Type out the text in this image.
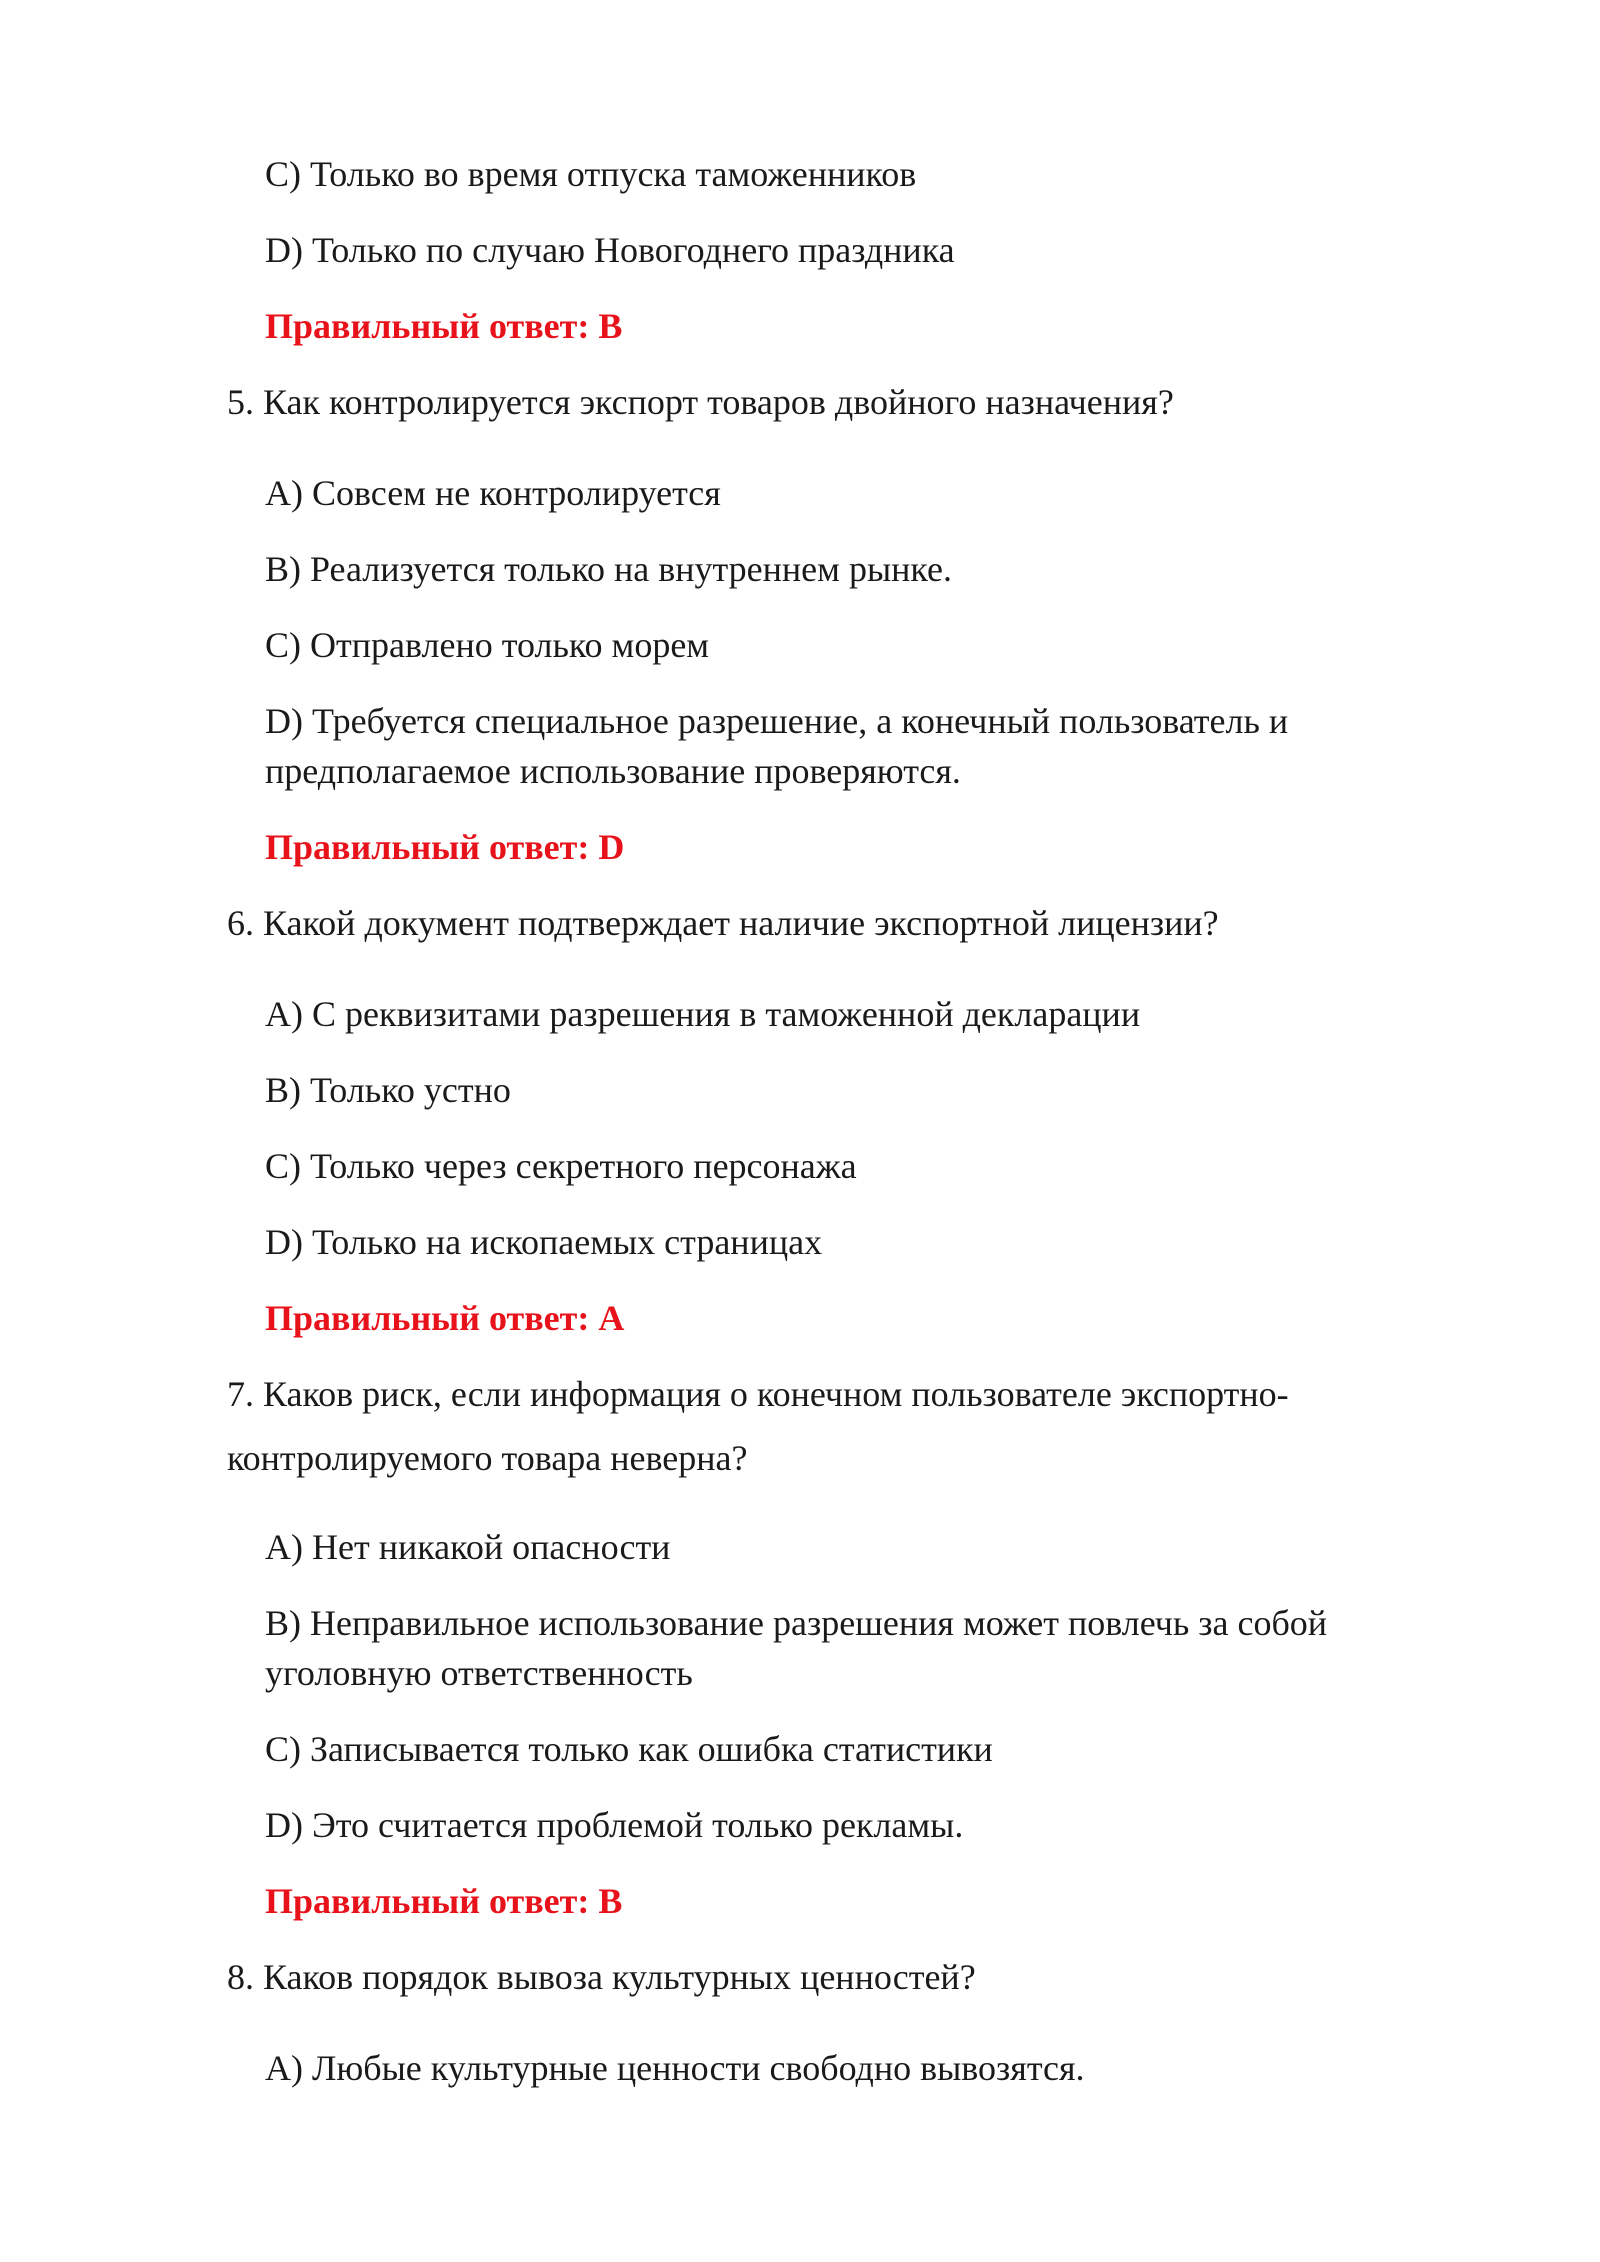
C) Только во время отпуска таможенников
D) Только по случаю Новогоднего праздника
Правильный ответ: B
5. Как контролируется экспорт товаров двойного назначения?
A) Совсем не контролируется
B) Реализуется только на внутреннем рынке.
C) Отправлено только морем
D) Требуется специальное разрешение, а конечный пользователь и
предполагаемое использование проверяются.
Правильный ответ: D
6. Какой документ подтверждает наличие экспортной лицензии?
A) С реквизитами разрешения в таможенной декларации
B) Только устно
C) Только через секретного персонажа
D) Только на ископаемых страницах
Правильный ответ: A
7. Каков риск, если информация о конечном пользователе экспортно-
контролируемого товара неверна?
A) Нет никакой опасности
B) Неправильное использование разрешения может повлечь за собой
уголовную ответственность
C) Записывается только как ошибка статистики
D) Это считается проблемой только рекламы.
Правильный ответ: B
8. Каков порядок вывоза культурных ценностей?
A) Любые культурные ценности свободно вывозятся.
